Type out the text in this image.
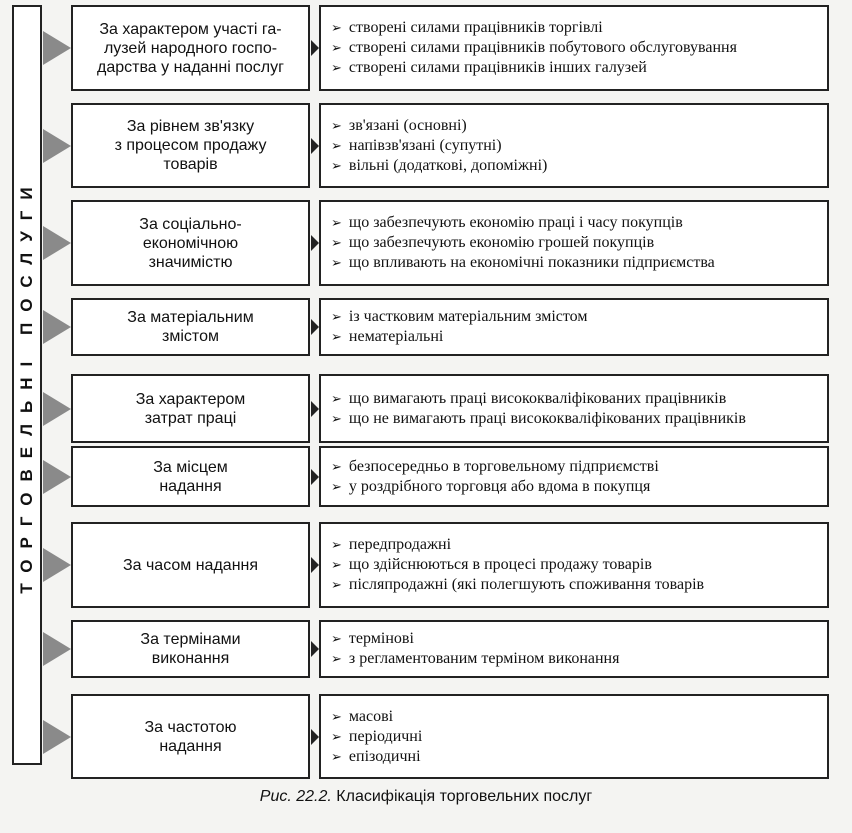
ТОРГОВЕЛЬНІ ПОСЛУГИ
За характером участі га-
лузей народного госпо-
дарства у наданні послуг
➢ створені силами працівників торгівлі
➢ створені силами працівників побутового обслуговування
➢ створені силами працівників інших галузей
За рівнем зв'язку
з процесом продажу
товарів
➢ зв'язані (основні)
➢ напівзв'язані (супутні)
➢ вільні (додаткові, допоміжні)
За соціально-
економічною
значимістю
➢ що забезпечують економію праці і часу покупців
➢ що забезпечують економію грошей покупців
➢ що впливають на економічні показники підприємства
За матеріальним
змістом
➢ із частковим матеріальним змістом
➢ нематеріальні
За характером
затрат праці
➢ що вимагають праці висококваліфікованих працівників
➢ що не вимагають праці висококваліфікованих працівників
За місцем
надання
➢ безпосередньо в торговельному підприємстві
➢ у роздрібного торговця або вдома в покупця
За часом надання
➢ передпродажні
➢ що здійснюються в процесі продажу товарів
➢ післяпродажні (які полегшують споживання товарів
За термінами
виконання
➢ термінові
➢ з регламентованим терміном виконання
За частотою
надання
➢ масові
➢ періодичні
➢ епізодичні
Рис. 22.2. Класифікація торговельних послуг
